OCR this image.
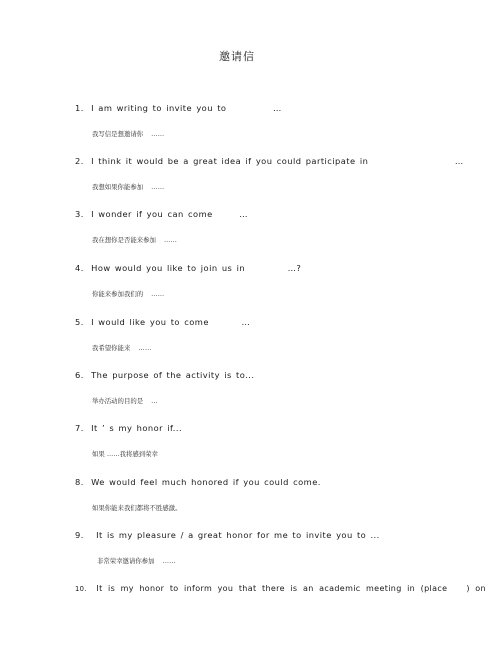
邀请信
1. I am writing to invite you to	…
我写信是想邀请你 ……
2. I think it would be a great idea if you could participate in	…
我想如果你能参加 ……
3. I wonder if you can come	…
我在想你是否能来参加 ……
4. How would you like to join us in	…?
你能来参加我们的 ……
5. I would like you to come	…
我希望你能来 ……
6. The purpose of the activity is to...
举办活动的目的是 …
7. It ’ s my honor if...
如果 ……我将感到荣幸
8. We would feel much honored if you could come.
如果你能来我们都将不胜感激。
9. It is my pleasure / a great honor for me to invite you to ...
非常荣幸邀请你参加 ……
10. It is my honor to inform you that there is an academic meeting in (place ) on
